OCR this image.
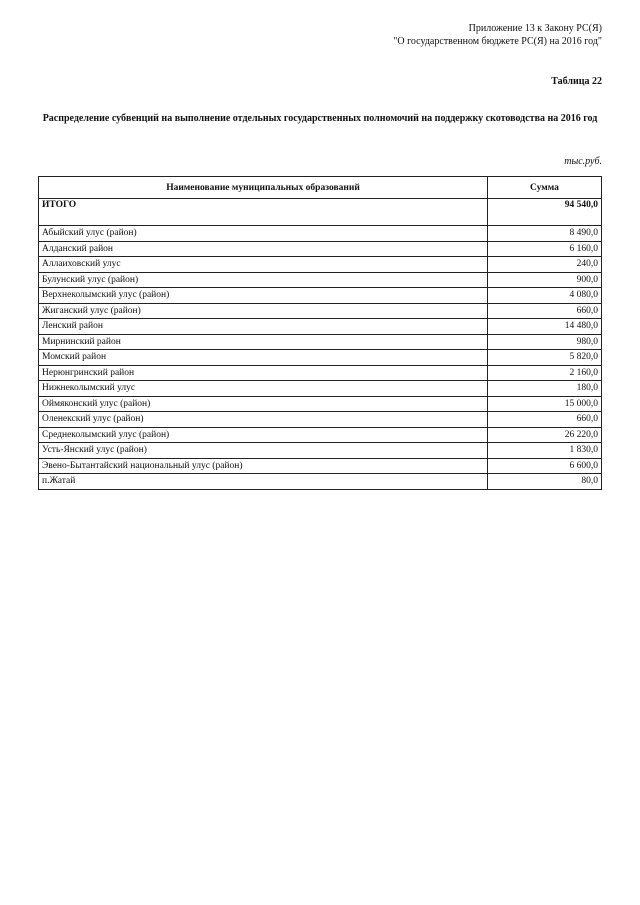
Приложение 13 к Закону РС(Я)
"О государственном бюджете РС(Я) на 2016 год"
Таблица 22
Распределение субвенций на выполнение отдельных государственных полномочий на поддержку скотоводства на 2016 год
тыс.руб.
Наименование муниципальных образований	Сумма
ИТОГО	94 540,0
Абыйский улус (район)	8 490,0
Алданский район	6 160,0
Аллаиховский улус	240,0
Булунский улус (район)	900,0
Верхнеколымский улус (район)	4 080,0
Жиганский улус (район)	660,0
Ленский район	14 480,0
Мирнинский район	980,0
Момский район	5 820,0
Нерюнгринский район	2 160,0
Нижнеколымский улус	180,0
Оймяконский улус (район)	15 000,0
Оленекский улус (район)	660,0
Среднеколымский улус (район)	26 220,0
Усть-Янский улус (район)	1 830,0
Эвено-Бытантайский национальный улус (район)	6 600,0
п.Жатай	80,0
